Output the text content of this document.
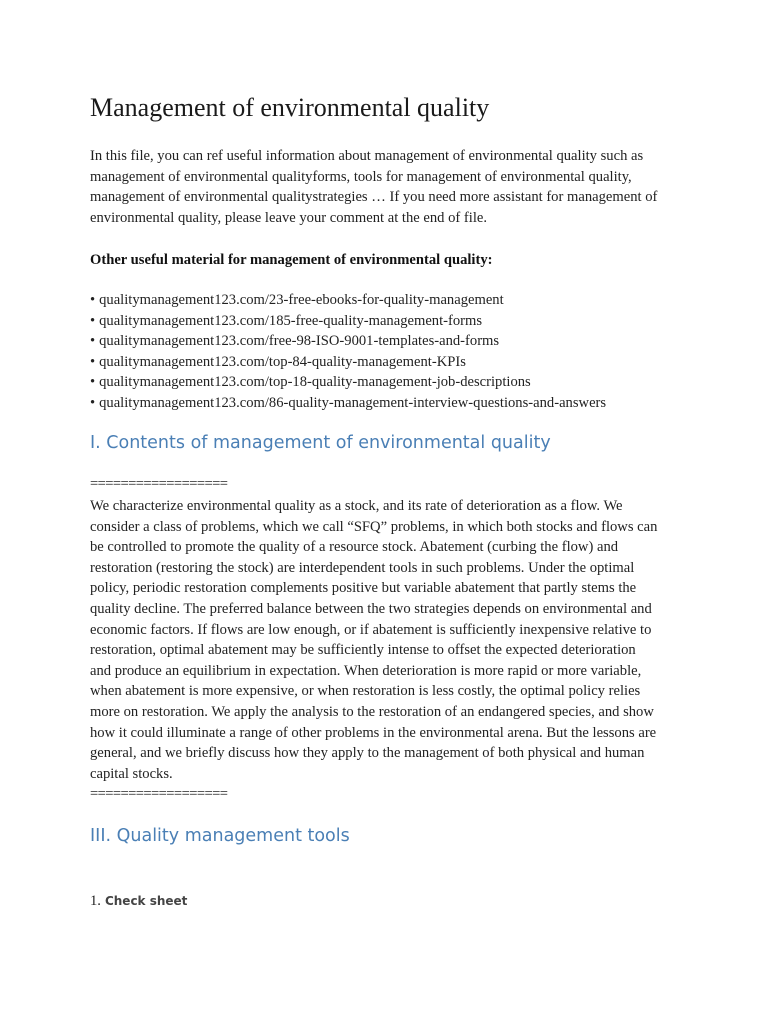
Management of environmental quality

In this file, you can ref useful information about management of environmental quality such as
management of environmental qualityforms, tools for management of environmental quality,
management of environmental qualitystrategies … If you need more assistant for management of
environmental quality, please leave your comment at the end of file.

Other useful material for management of environmental quality:

• qualitymanagement123.com/23-free-ebooks-for-quality-management
• qualitymanagement123.com/185-free-quality-management-forms
• qualitymanagement123.com/free-98-ISO-9001-templates-and-forms
• qualitymanagement123.com/top-84-quality-management-KPIs
• qualitymanagement123.com/top-18-quality-management-job-descriptions
• qualitymanagement123.com/86-quality-management-interview-questions-and-answers
I. Contents of management of environmental quality
==================

We characterize environmental quality as a stock, and its rate of deterioration as a flow. We
consider a class of problems, which we call “SFQ” problems, in which both stocks and flows can
be controlled to promote the quality of a resource stock. Abatement (curbing the flow) and
restoration (restoring the stock) are interdependent tools in such problems. Under the optimal
policy, periodic restoration complements positive but variable abatement that partly stems the
quality decline. The preferred balance between the two strategies depends on environmental and
economic factors. If flows are low enough, or if abatement is sufficiently inexpensive relative to
restoration, optimal abatement may be sufficiently intense to offset the expected deterioration
and produce an equilibrium in expectation. When deterioration is more rapid or more variable,
when abatement is more expensive, or when restoration is less costly, the optimal policy relies
more on restoration. We apply the analysis to the restoration of an endangered species, and show
how it could illuminate a range of other problems in the environmental arena. But the lessons are
general, and we briefly discuss how they apply to the management of both physical and human
capital stocks.

==================
III. Quality management tools
1. Check sheet
